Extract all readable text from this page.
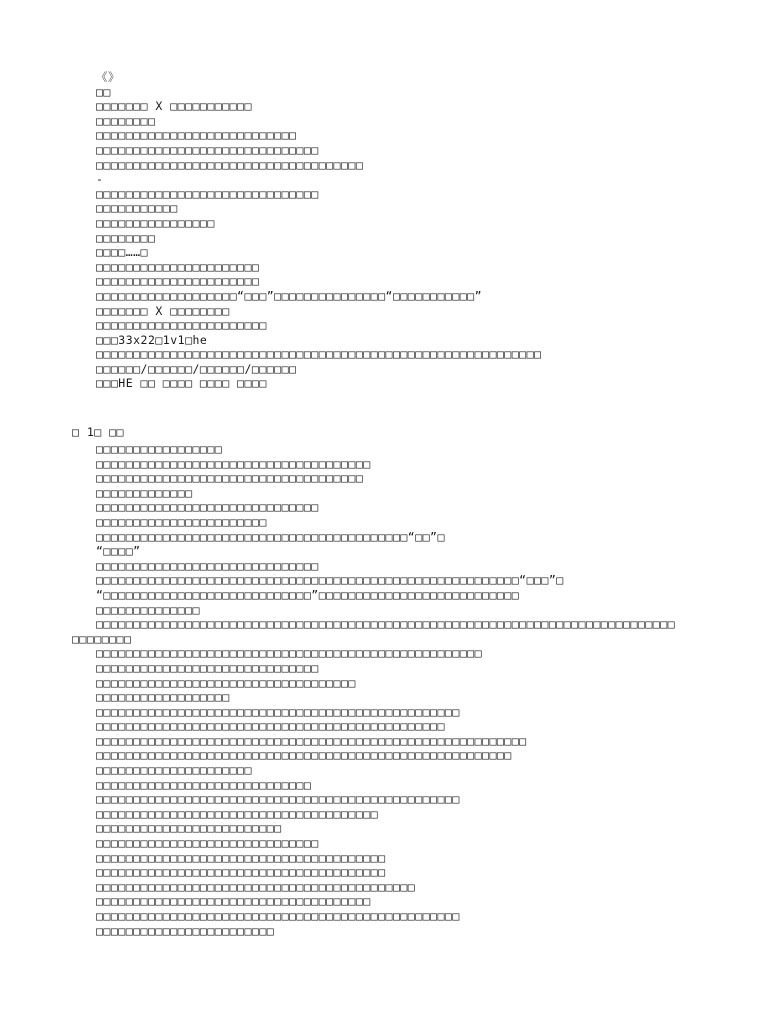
《》
□□
□□□□□□□ X □□□□□□□□□□□
□□□□□□□□
□□□□□□□□□□□□□□□□□□□□□□□□□□□
□□□□□□□□□□□□□□□□□□□□□□□□□□□□□□
□□□□□□□□□□□□□□□□□□□□□□□□□□□□□□□□□□□□
-
□□□□□□□□□□□□□□□□□□□□□□□□□□□□□□
□□□□□□□□□□□
□□□□□□□□□□□□□□□□
□□□□□□□□
□□□□……□
□□□□□□□□□□□□□□□□□□□□□□
□□□□□□□□□□□□□□□□□□□□□□
□□□□□□□□□□□□□□□□□□□“□□□”□□□□□□□□□□□□□□□“□□□□□□□□□□□”
□□□□□□□ X □□□□□□□□
□□□□□□□□□□□□□□□□□□□□□□□
□□□33x22□1v1□he
□□□□□□□□□□□□□□□□□□□□□□□□□□□□□□□□□□□□□□□□□□□□□□□□□□□□□□□□□□□□
□□□□□□/□□□□□□/□□□□□□/□□□□□□
□□□HE □□ □□□□ □□□□ □□□□
□ 1□ □□
□□□□□□□□□□□□□□□□□
□□□□□□□□□□□□□□□□□□□□□□□□□□□□□□□□□□□□□
□□□□□□□□□□□□□□□□□□□□□□□□□□□□□□□□□□□□
□□□□□□□□□□□□□
□□□□□□□□□□□□□□□□□□□□□□□□□□□□□□
□□□□□□□□□□□□□□□□□□□□□□□
□□□□□□□□□□□□□□□□□□□□□□□□□□□□□□□□□□□□□□□□□□“□□”□
“□□□□”
□□□□□□□□□□□□□□□□□□□□□□□□□□□□□□
□□□□□□□□□□□□□□□□□□□□□□□□□□□□□□□□□□□□□□□□□□□□□□□□□□□□□□□□□“□□□”□
“□□□□□□□□□□□□□□□□□□□□□□□□□□□□”□□□□□□□□□□□□□□□□□□□□□□□□□□□
□□□□□□□□□□□□□□
□□□□□□□□□□□□□□□□□□□□□□□□□□□□□□□□□□□□□□□□□□□□□□□□□□□□□□□□□□□□□□□□□□□□□□□□□□□□□□
□□□□□□□□
□□□□□□□□□□□□□□□□□□□□□□□□□□□□□□□□□□□□□□□□□□□□□□□□□□□□
□□□□□□□□□□□□□□□□□□□□□□□□□□□□□□
□□□□□□□□□□□□□□□□□□□□□□□□□□□□□□□□□□□
□□□□□□□□□□□□□□□□□□
□□□□□□□□□□□□□□□□□□□□□□□□□□□□□□□□□□□□□□□□□□□□□□□□□
□□□□□□□□□□□□□□□□□□□□□□□□□□□□□□□□□□□□□□□□□□□□□□□
□□□□□□□□□□□□□□□□□□□□□□□□□□□□□□□□□□□□□□□□□□□□□□□□□□□□□□□□□□
□□□□□□□□□□□□□□□□□□□□□□□□□□□□□□□□□□□□□□□□□□□□□□□□□□□□□□□□
□□□□□□□□□□□□□□□□□□□□□
□□□□□□□□□□□□□□□□□□□□□□□□□□□□□
□□□□□□□□□□□□□□□□□□□□□□□□□□□□□□□□□□□□□□□□□□□□□□□□□
□□□□□□□□□□□□□□□□□□□□□□□□□□□□□□□□□□□□□□
□□□□□□□□□□□□□□□□□□□□□□□□□
□□□□□□□□□□□□□□□□□□□□□□□□□□□□□□
□□□□□□□□□□□□□□□□□□□□□□□□□□□□□□□□□□□□□□□
□□□□□□□□□□□□□□□□□□□□□□□□□□□□□□□□□□□□□□□
□□□□□□□□□□□□□□□□□□□□□□□□□□□□□□□□□□□□□□□□□□□
□□□□□□□□□□□□□□□□□□□□□□□□□□□□□□□□□□□□□
□□□□□□□□□□□□□□□□□□□□□□□□□□□□□□□□□□□□□□□□□□□□□□□□□
□□□□□□□□□□□□□□□□□□□□□□□□
